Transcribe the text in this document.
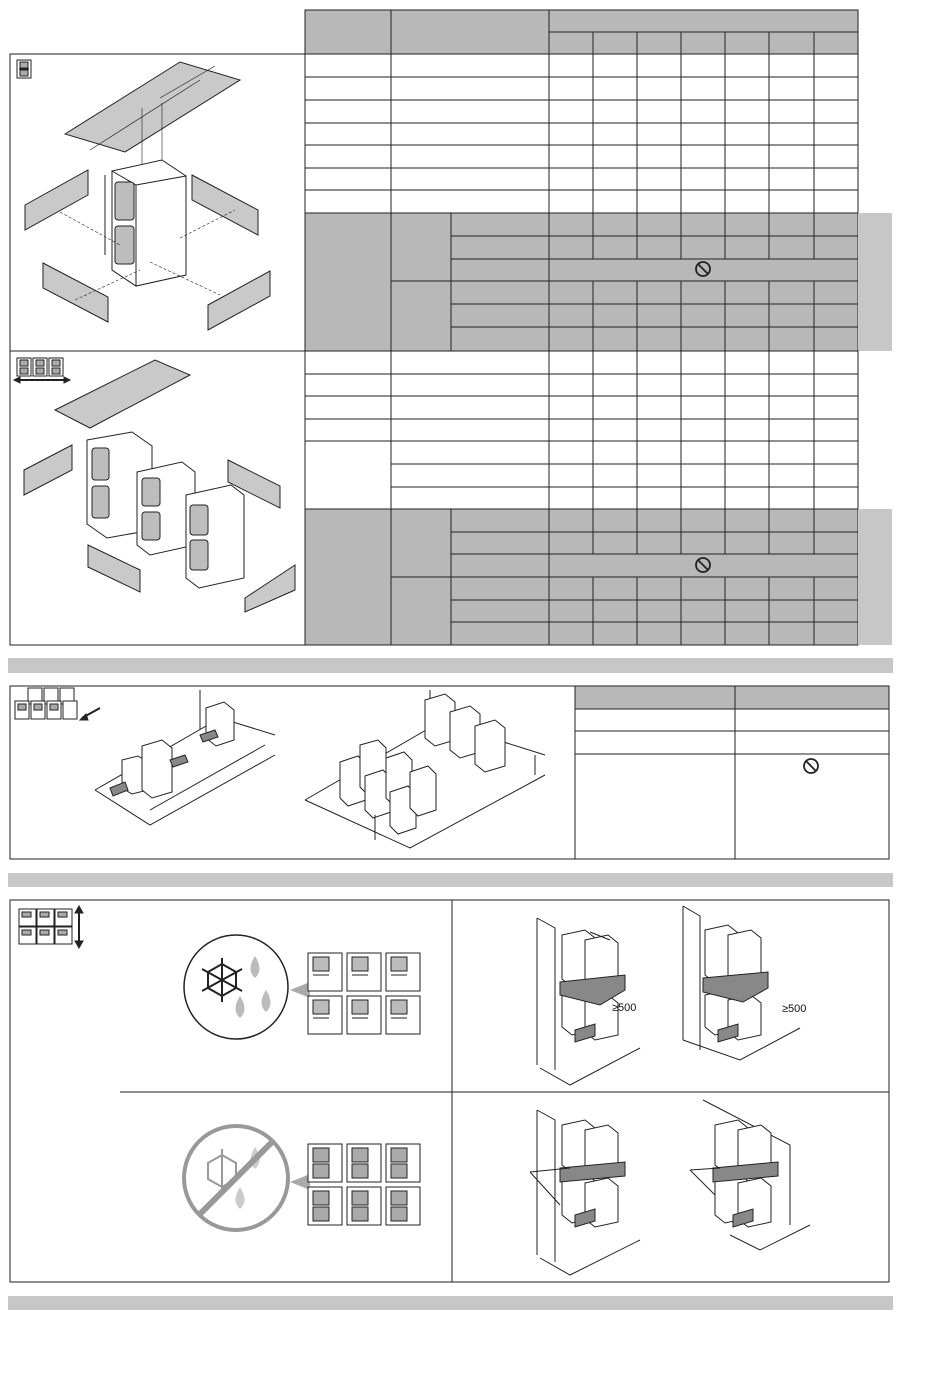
≥500	≥500
